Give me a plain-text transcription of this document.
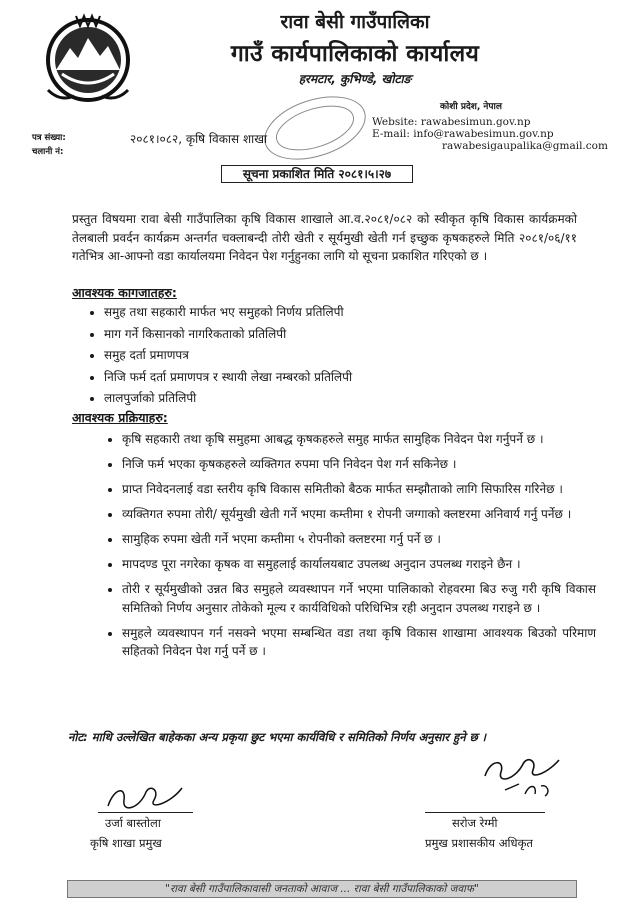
रावा बेसी गाउँपालिका
गाउँ कार्यपालिकाको कार्यालय
हरमटार, कुभिण्डे, खोटाङ
कोशी प्रदेश, नेपाल
Website: rawabesimun.gov.np
E-mail: info@rawabesimun.gov.np
rawabesigaupalika@gmail.com
पत्र संख्या:	२०८१।०८२, कृषि विकास शाखा
चलानी नं:
सूचना प्रकाशित मिति २०८१।५।२७
प्रस्तुत विषयमा रावा बेसी गाउँपालिका कृषि विकास शाखाले आ.व.२०८१/०८२ को स्वीकृत कृषि विकास कार्यक्रमको तेलबाली प्रवर्दन कार्यक्रम अन्तर्गत चक्लाबन्दी तोरी खेती र सूर्यमुखी खेती गर्न इच्छुक कृषकहरुले मिति २०८१/०६/११ गतेभित्र आ-आफ्नो वडा कार्यालयमा निवेदन पेश गर्नुहुनका लागि यो सूचना प्रकाशित गरिएको छ ।
आवश्यक कागजातहरु:
• समुह तथा सहकारी मार्फत भए समुहको निर्णय प्रतिलिपी
• माग गर्ने किसानको नागरिकताको प्रतिलिपी
• समुह दर्ता प्रमाणपत्र
• निजि फर्म दर्ता प्रमाणपत्र र स्थायी लेखा नम्बरको प्रतिलिपी
• लालपुर्जाको प्रतिलिपी
आवश्यक प्रक्रियाहरु:
• कृषि सहकारी तथा कृषि समुहमा आबद्ध कृषकहरुले समुह मार्फत सामुहिक निवेदन पेश गर्नुपर्ने छ ।
• निजि फर्म भएका कृषकहरुले व्यक्तिगत रुपमा पनि निवेदन पेश गर्न सकिनेछ ।
• प्राप्त निवेदनलाई वडा स्तरीय कृषि विकास समितीको बैठक मार्फत सम्झौताको लागि सिफारिस गरिनेछ ।
• व्यक्तिगत रुपमा तोरी/ सूर्यमुखी खेती गर्ने भएमा कम्तीमा १ रोपनी जग्गाको क्लष्टरमा अनिवार्य गर्नु पर्नेछ ।
• सामुहिक रुपमा खेती गर्ने भएमा कम्तीमा ५ रोपनीको क्लष्टरमा गर्नु पर्ने छ ।
• मापदण्ड पूरा नगरेका कृषक वा समुहलाई कार्यालयबाट उपलब्ध अनुदान उपलब्ध गराइने छैन ।
• तोरी र सूर्यमुखीको उन्नत बिउ समुहले व्यवस्थापन गर्ने भएमा पालिकाको रोहवरमा बिउ रुजु गरी कृषि विकास समितिको निर्णय अनुसार तोकेको मूल्य र कार्यविधिको परिधिभित्र रही अनुदान उपलब्ध गराइने छ ।
• समुहले व्यवस्थापन गर्न नसक्ने भएमा सम्बन्धित वडा तथा कृषि विकास शाखामा आवश्यक बिउको परिमाण सहितको निवेदन पेश गर्नु पर्ने छ ।
नोट: माथि उल्लेखित बाहेकका अन्य प्रकृया छुट भएमा कार्यविधि र समितिको निर्णय अनुसार हुने छ ।
उर्जा बास्तोला
कृषि शाखा प्रमुख
सरोज रेग्मी
प्रमुख प्रशासकीय अधिकृत
"रावा बेसी गाउँपालिकावासी जनताको आवाज ... रावा बेसी गाउँपालिकाको जवाफ"
